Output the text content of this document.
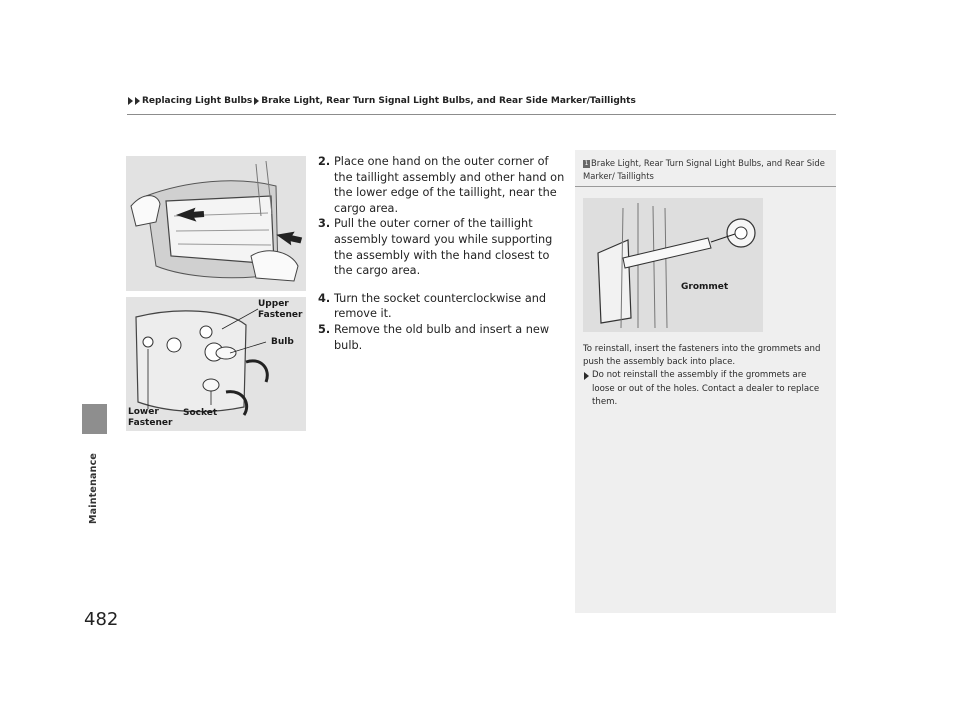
Replacing Light Bulbs Brake Light, Rear Turn Signal Light Bulbs, and Rear Side Marker/Taillights
Maintenance
482
Upper
Fastener
Bulb
Lower
Fastener
Socket
2. Place one hand on the outer corner of the taillight assembly and other hand on the lower edge of the taillight, near the cargo area.
3. Pull the outer corner of the taillight assembly toward you while supporting the assembly with the hand closest to the cargo area.
4. Turn the socket counterclockwise and remove it.
5. Remove the old bulb and insert a new bulb.
1 Brake Light, Rear Turn Signal Light Bulbs, and Rear Side Marker/ Taillights
Grommet
To reinstall, insert the fasteners into the grommets and push the assembly back into place.
Do not reinstall the assembly if the grommets are loose or out of the holes. Contact a dealer to replace them.
